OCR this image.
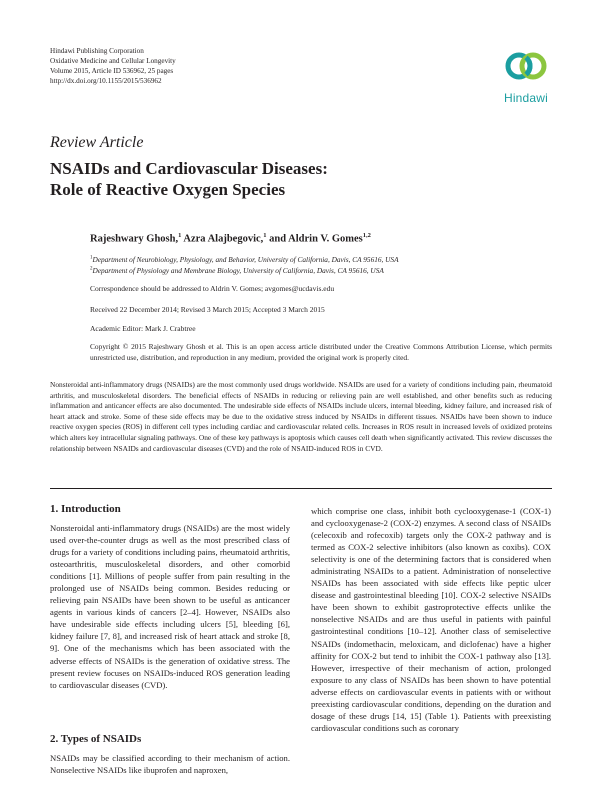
Hindawi Publishing Corporation
Oxidative Medicine and Cellular Longevity
Volume 2015, Article ID 536962, 25 pages
http://dx.doi.org/10.1155/2015/536962
Hindawi
Review Article
NSAIDs and Cardiovascular Diseases:
Role of Reactive Oxygen Species
Rajeshwary Ghosh,$^1$ Azra Alajbegovic,$^1$ and Aldrin V. Gomes$^{1,2}$
$^1$Department of Neurobiology, Physiology, and Behavior, University of California, Davis, CA 95616, USA
$^2$Department of Physiology and Membrane Biology, University of California, Davis, CA 95616, USA
Correspondence should be addressed to Aldrin V. Gomes; avgomes@ucdavis.edu
Received 22 December 2014; Revised 3 March 2015; Accepted 3 March 2015
Academic Editor: Mark J. Crabtree
Copyright © 2015 Rajeshwary Ghosh et al. This is an open access article distributed under the Creative Commons Attribution License, which permits unrestricted use, distribution, and reproduction in any medium, provided the original work is properly cited.
Nonsteroidal anti-inflammatory drugs (NSAIDs) are the most commonly used drugs worldwide. NSAIDs are used for a variety of conditions including pain, rheumatoid arthritis, and musculoskeletal disorders. The beneficial effects of NSAIDs in reducing or relieving pain are well established, and other benefits such as reducing inflammation and anticancer effects are also documented. The undesirable side effects of NSAIDs include ulcers, internal bleeding, kidney failure, and increased risk of heart attack and stroke. Some of these side effects may be due to the oxidative stress induced by NSAIDs in different tissues. NSAIDs have been shown to induce reactive oxygen species (ROS) in different cell types including cardiac and cardiovascular related cells. Increases in ROS result in increased levels of oxidized proteins which alters key intracellular signaling pathways. One of these key pathways is apoptosis which causes cell death when significantly activated. This review discusses the relationship between NSAIDs and cardiovascular diseases (CVD) and the role of NSAID-induced ROS in CVD.
1. Introduction
Nonsteroidal anti-inflammatory drugs (NSAIDs) are the most widely used over-the-counter drugs as well as the most prescribed class of drugs for a variety of conditions including pains, rheumatoid arthritis, osteoarthritis, musculoskeletal disorders, and other comorbid conditions [1]. Millions of people suffer from pain resulting in the prolonged use of NSAIDs being common. Besides reducing or relieving pain NSAIDs have been shown to be useful as anticancer agents in various kinds of cancers [2–4]. However, NSAIDs also have undesirable side effects including ulcers [5], bleeding [6], kidney failure [7, 8], and increased risk of heart attack and stroke [8, 9]. One of the mechanisms which has been associated with the adverse effects of NSAIDs is the generation of oxidative stress. The present review focuses on NSAIDs-induced ROS generation leading to cardiovascular diseases (CVD).
2. Types of NSAIDs
NSAIDs may be classified according to their mechanism of action. Nonselective NSAIDs like ibuprofen and naproxen,
which comprise one class, inhibit both cyclooxygenase-1 (COX-1) and cyclooxygenase-2 (COX-2) enzymes. A second class of NSAIDs (celecoxib and rofecoxib) targets only the COX-2 pathway and is termed as COX-2 selective inhibitors (also known as coxibs). COX selectivity is one of the determining factors that is considered when administrating NSAIDs to a patient. Administration of nonselective NSAIDs has been associated with side effects like peptic ulcer disease and gastrointestinal bleeding [10]. COX-2 selective NSAIDs have been shown to exhibit gastroprotective effects unlike the nonselective NSAIDs and are thus useful in patients with painful gastrointestinal conditions [10–12]. Another class of semiselective NSAIDs (indomethacin, meloxicam, and diclofenac) have a higher affinity for COX-2 but tend to inhibit the COX-1 pathway also [13]. However, irrespective of their mechanism of action, prolonged exposure to any class of NSAIDs has been shown to have potential adverse effects on cardiovascular events in patients with or without preexisting cardiovascular conditions, depending on the duration and dosage of these drugs [14, 15] (Table 1). Patients with preexisting cardiovascular conditions such as coronary
